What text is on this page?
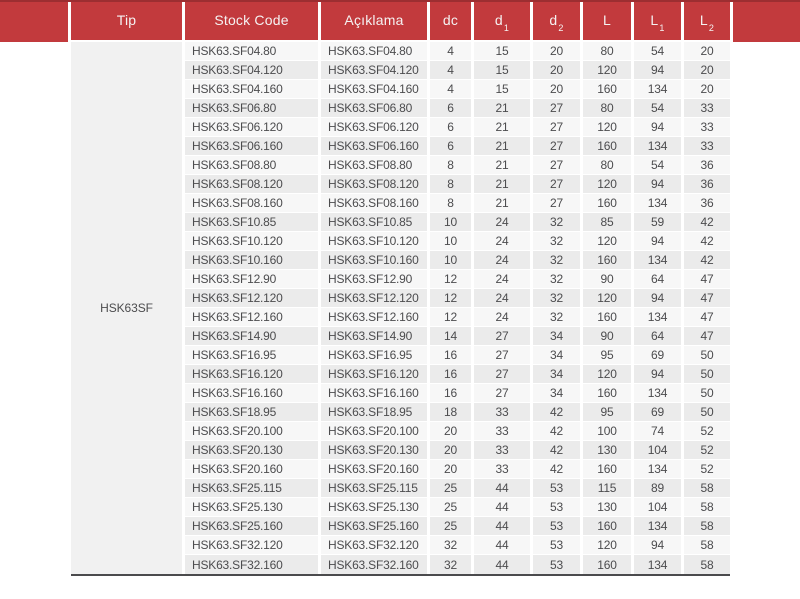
Tip	Stock Code	Açıklama	dc	d 1	d 2	L	L 1	L 2
HSK63SF
HSK63.SF04.80	HSK63.SF04.80	4	15	20	80	54	20
HSK63.SF04.120	HSK63.SF04.120	4	15	20	120	94	20
HSK63.SF04.160	HSK63.SF04.160	4	15	20	160	134	20
HSK63.SF06.80	HSK63.SF06.80	6	21	27	80	54	33
HSK63.SF06.120	HSK63.SF06.120	6	21	27	120	94	33
HSK63.SF06.160	HSK63.SF06.160	6	21	27	160	134	33
HSK63.SF08.80	HSK63.SF08.80	8	21	27	80	54	36
HSK63.SF08.120	HSK63.SF08.120	8	21	27	120	94	36
HSK63.SF08.160	HSK63.SF08.160	8	21	27	160	134	36
HSK63.SF10.85	HSK63.SF10.85	10	24	32	85	59	42
HSK63.SF10.120	HSK63.SF10.120	10	24	32	120	94	42
HSK63.SF10.160	HSK63.SF10.160	10	24	32	160	134	42
HSK63.SF12.90	HSK63.SF12.90	12	24	32	90	64	47
HSK63.SF12.120	HSK63.SF12.120	12	24	32	120	94	47
HSK63.SF12.160	HSK63.SF12.160	12	24	32	160	134	47
HSK63.SF14.90	HSK63.SF14.90	14	27	34	90	64	47
HSK63.SF16.95	HSK63.SF16.95	16	27	34	95	69	50
HSK63.SF16.120	HSK63.SF16.120	16	27	34	120	94	50
HSK63.SF16.160	HSK63.SF16.160	16	27	34	160	134	50
HSK63.SF18.95	HSK63.SF18.95	18	33	42	95	69	50
HSK63.SF20.100	HSK63.SF20.100	20	33	42	100	74	52
HSK63.SF20.130	HSK63.SF20.130	20	33	42	130	104	52
HSK63.SF20.160	HSK63.SF20.160	20	33	42	160	134	52
HSK63.SF25.115	HSK63.SF25.115	25	44	53	115	89	58
HSK63.SF25.130	HSK63.SF25.130	25	44	53	130	104	58
HSK63.SF25.160	HSK63.SF25.160	25	44	53	160	134	58
HSK63.SF32.120	HSK63.SF32.120	32	44	53	120	94	58
HSK63.SF32.160	HSK63.SF32.160	32	44	53	160	134	58
